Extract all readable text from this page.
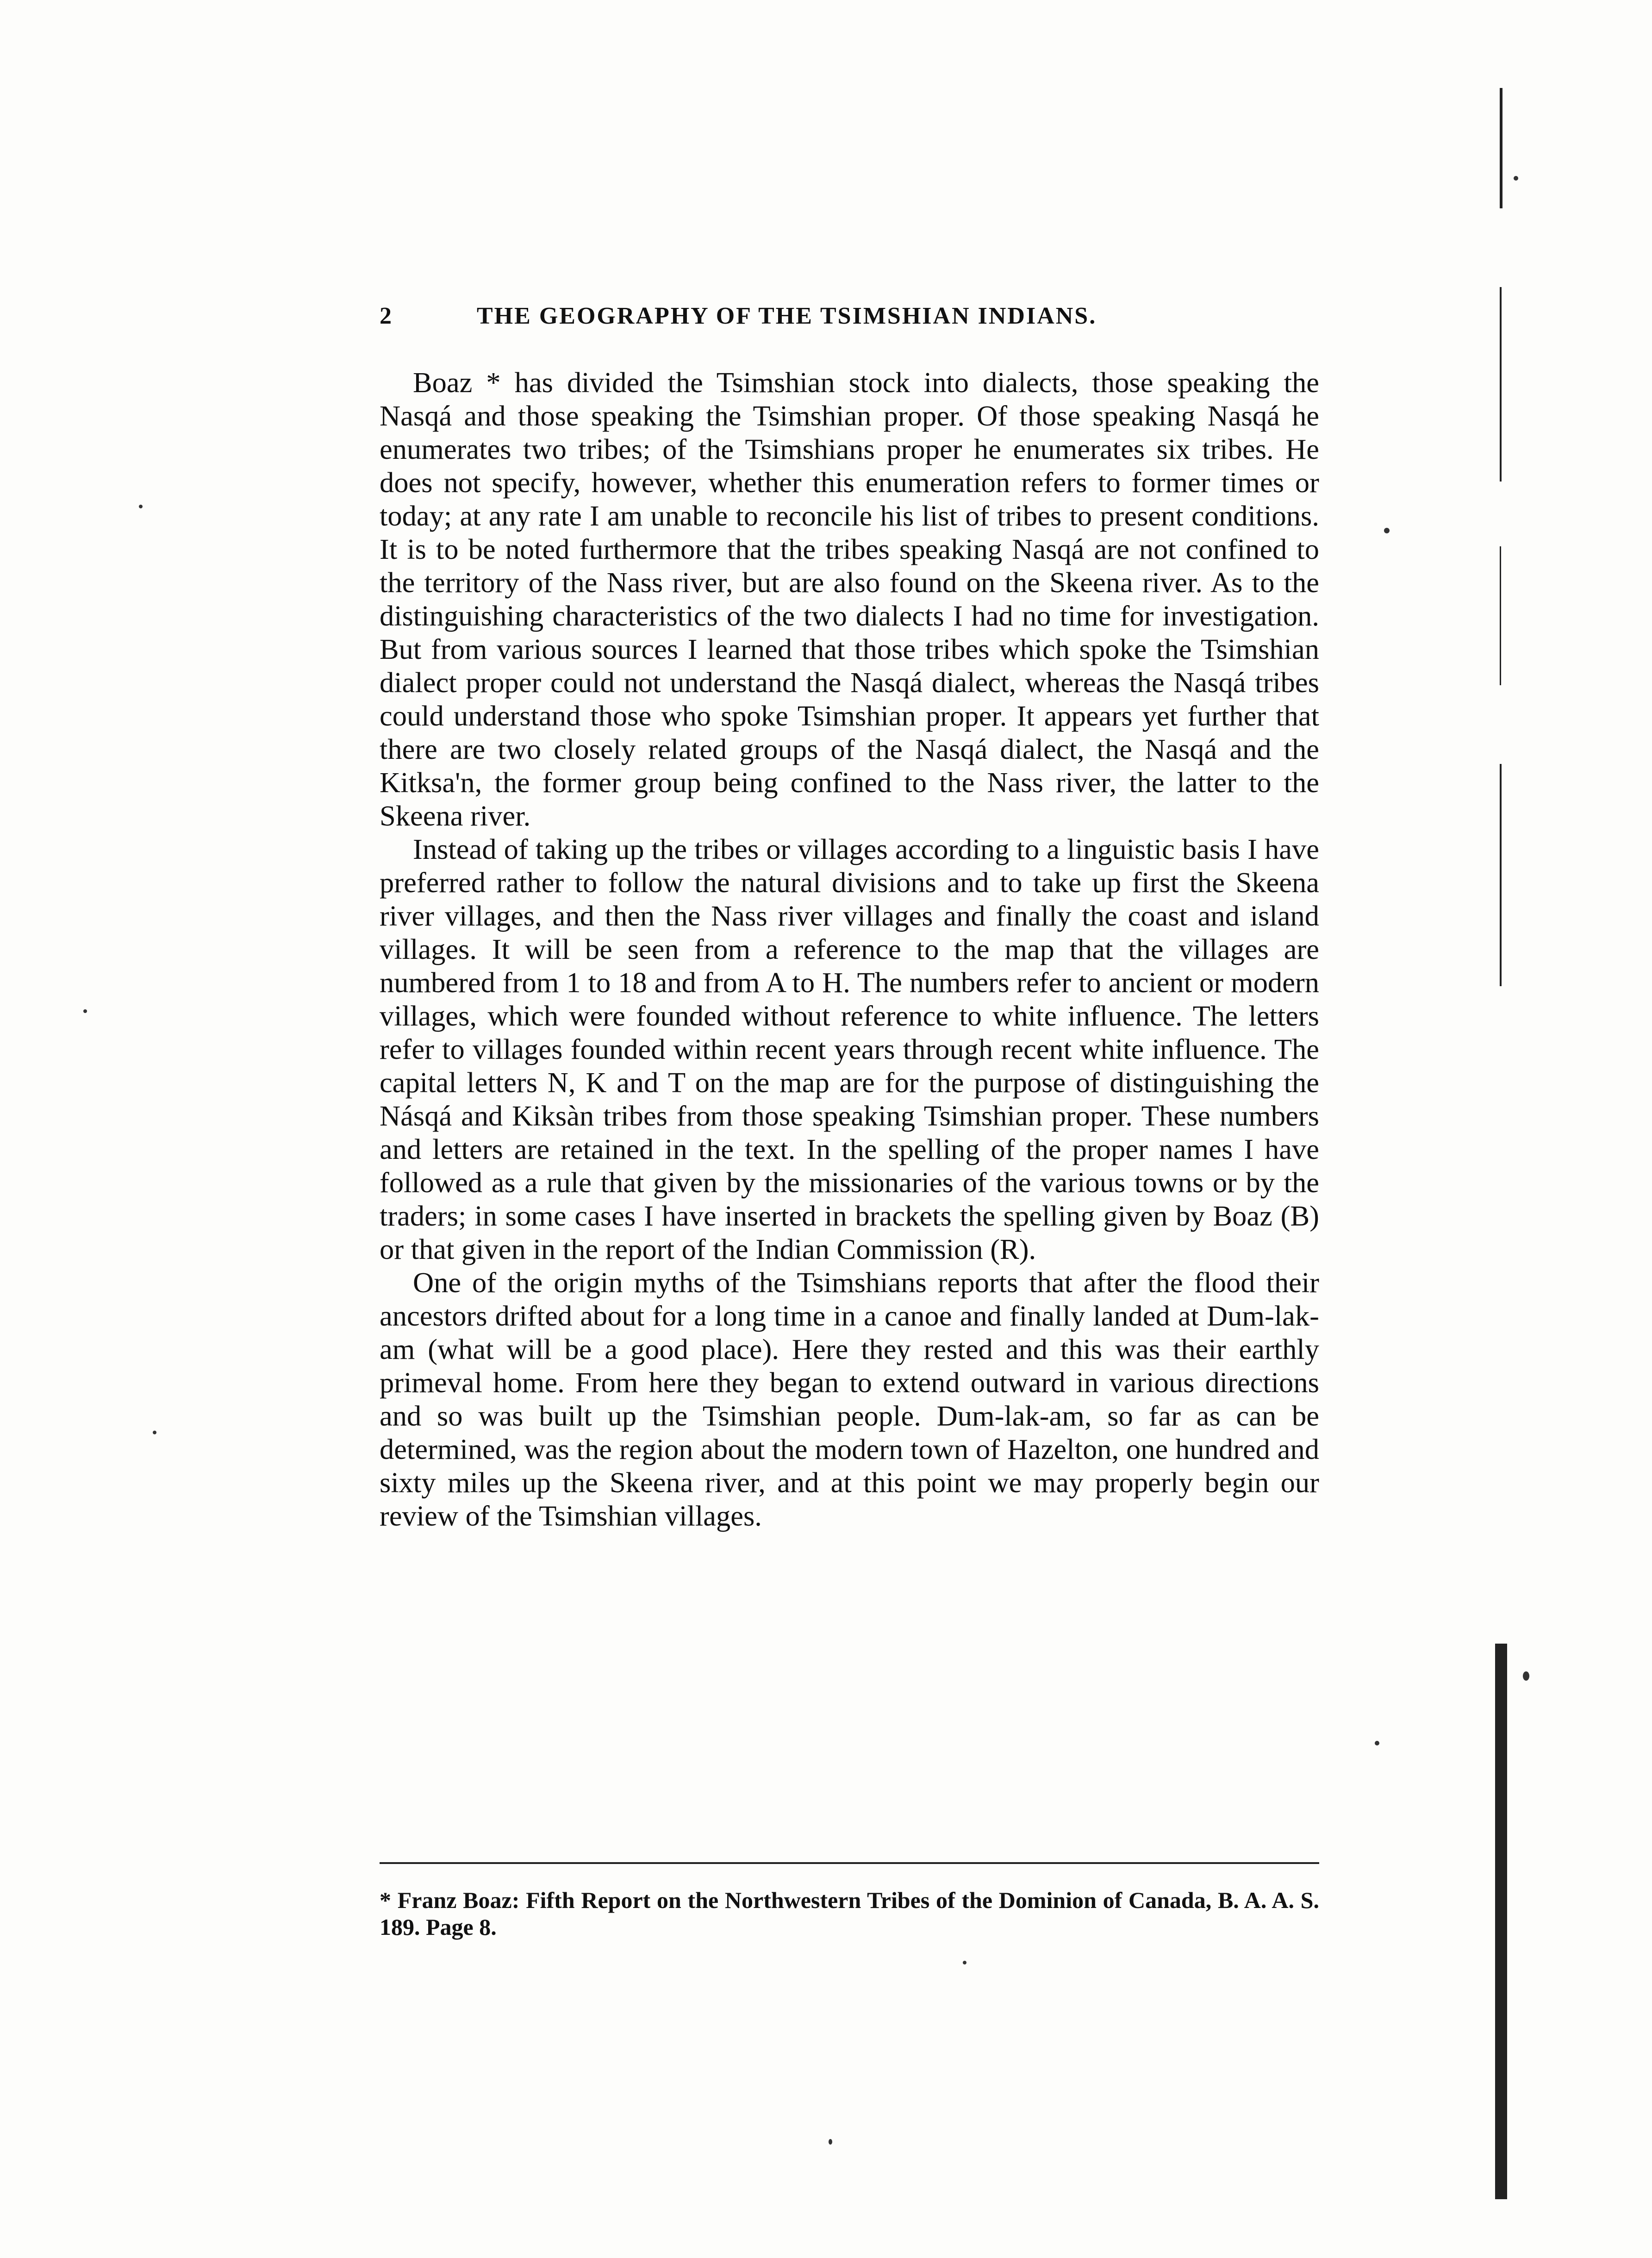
2	THE GEOGRAPHY OF THE TSIMSHIAN INDIANS.

Boaz * has divided the Tsimshian stock into dialects, those speaking the Nasqá and those speaking the Tsimshian proper. Of those speaking Nasqá he enumerates two tribes; of the Tsimshians proper he enumerates six tribes. He does not specify, however, whether this enumeration refers to former times or today; at any rate I am unable to reconcile his list of tribes to present conditions. It is to be noted furthermore that the tribes speaking Nasqá are not confined to the territory of the Nass river, but are also found on the Skeena river. As to the distinguishing characteristics of the two dialects I had no time for investigation. But from various sources I learned that those tribes which spoke the Tsimshian dialect proper could not understand the Nasqá dialect, whereas the Nasqá tribes could understand those who spoke Tsimshian proper. It appears yet further that there are two closely related groups of the Nasqá dialect, the Nasqá and the Kitksa'n, the former group being confined to the Nass river, the latter to the Skeena river.

Instead of taking up the tribes or villages according to a linguistic basis I have preferred rather to follow the natural divisions and to take up first the Skeena river villages, and then the Nass river villages and finally the coast and island villages. It will be seen from a reference to the map that the villages are numbered from 1 to 18 and from A to H. The numbers refer to ancient or modern villages, which were founded without reference to white influence. The letters refer to villages founded within recent years through recent white influence. The capital letters N, K and T on the map are for the purpose of distinguishing the Násqá and Kiksàn tribes from those speaking Tsimshian proper. These numbers and letters are retained in the text. In the spelling of the proper names I have followed as a rule that given by the missionaries of the various towns or by the traders; in some cases I have inserted in brackets the spelling given by Boaz (B) or that given in the report of the Indian Commission (R).

One of the origin myths of the Tsimshians reports that after the flood their ancestors drifted about for a long time in a canoe and finally landed at Dum-lak-am (what will be a good place). Here they rested and this was their earthly primeval home. From here they began to extend outward in various directions and so was built up the Tsimshian people. Dum-lak-am, so far as can be determined, was the region about the modern town of Hazelton, one hundred and sixty miles up the Skeena river, and at this point we may properly begin our review of the Tsimshian villages.

* Franz Boaz: Fifth Report on the Northwestern Tribes of the Dominion of Canada, B. A. A. S. 189. Page 8.
